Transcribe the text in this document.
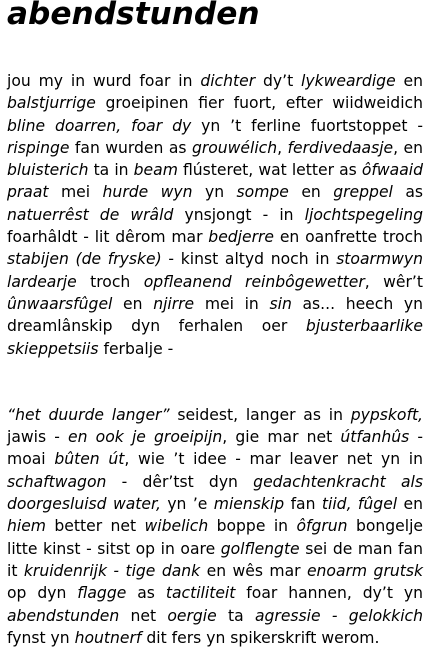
abendstunden

jou my in wurd foar in dichter dy’t lykweardige en balstjurrige groeipinen fier fuort, efter wiidweidich bline doarren, foar dy yn ’t ferline fuortstoppet - rispinge fan wurden as grouwélich, ferdivedaasje, en bluisterich ta in beam flústeret, wat letter as ôfwaaid praat mei hurde wyn yn sompe en greppel as natuerrêst de wrâld ynsjongt - in ljochtspegeling foarhâldt - lit dêrom mar bedjerre en oanfrette troch stabijen (de fryske) - kinst altyd noch in stoarmwyn lardearje troch opfleanend reinbôgewetter, wêr’t ûnwaarsfûgel en njirre mei in sin as... heech yn dreamlânskip dyn ferhalen oer bjusterbaarlike skieppetsiis ferbalje -

“het duurde langer” seidest, langer as in pypskoft, jawis - en ook je groeipijn, gie mar net útfanhûs - moai bûten út, wie ’t idee - mar leaver net yn in schaftwagon - dêr’tst dyn gedachtenkracht als doorgesluisd water, yn ’e mienskip fan tiid, fûgel en hiem better net wibelich boppe in ôfgrun bongelje litte kinst - sitst op in oare golflengte sei de man fan it kruidenrijk - tige dank en wês mar enoarm grutsk op dyn flagge as tactiliteit foar hannen, dy’t yn abendstunden net oergie ta agressie - gelokkich fynst yn houtnerf dit fers yn spikerskrift werom.
